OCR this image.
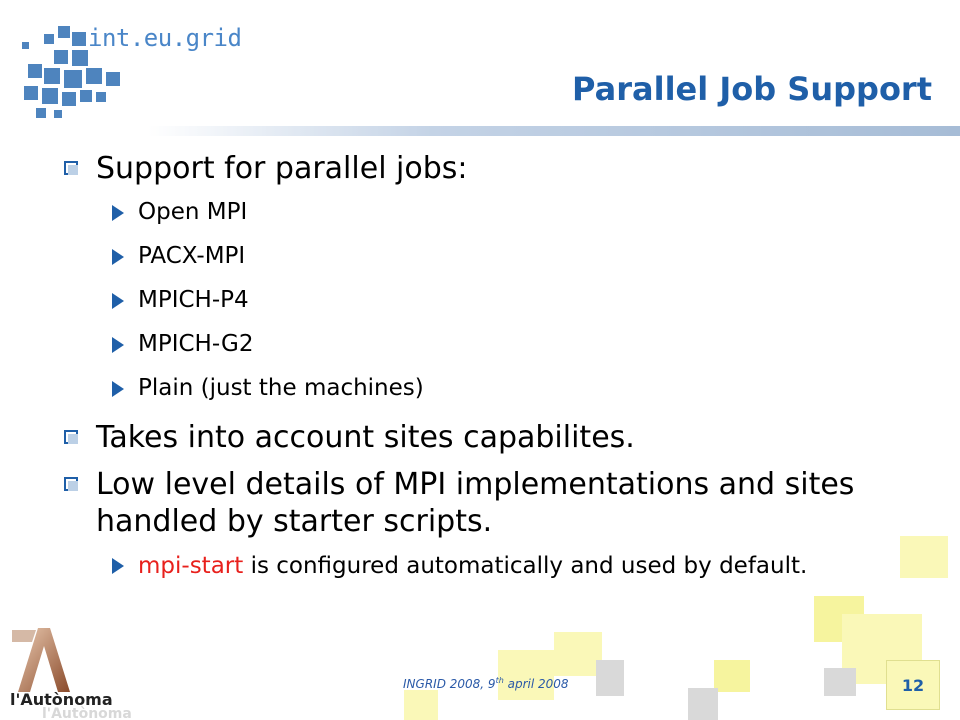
int.eu.grid
Parallel Job Support
Support for parallel jobs:
Open MPI
PACX-MPI
MPICH-P4
MPICH-G2
Plain (just the machines)
Takes into account sites capabilites.
Low level details of MPI implementations and sites handled by starter scripts.
mpi-start is configured automatically and used by default.
l'Autònoma
l'Autònoma
INGRID 2008, 9th april 2008	12
